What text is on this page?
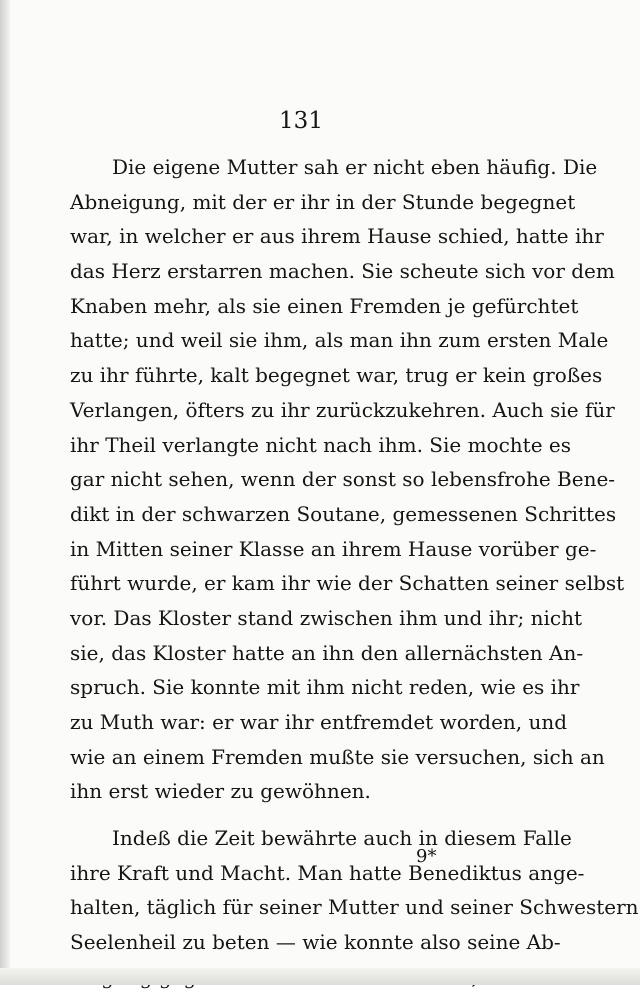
131
Die eigene Mutter sah er nicht eben häufig. Die
Abneigung, mit der er ihr in der Stunde begegnet
war, in welcher er aus ihrem Hause schied, hatte ihr
das Herz erstarren machen. Sie scheute sich vor dem
Knaben mehr, als sie einen Fremden je gefürchtet
hatte; und weil sie ihm, als man ihn zum ersten Male
zu ihr führte, kalt begegnet war, trug er kein großes
Verlangen, öfters zu ihr zurückzukehren. Auch sie für
ihr Theil verlangte nicht nach ihm. Sie mochte es
gar nicht sehen, wenn der sonst so lebensfrohe Bene-
dikt in der schwarzen Soutane, gemessenen Schrittes
in Mitten seiner Klasse an ihrem Hause vorüber ge-
führt wurde, er kam ihr wie der Schatten seiner selbst
vor. Das Kloster stand zwischen ihm und ihr; nicht
sie, das Kloster hatte an ihn den allernächsten An-
spruch. Sie konnte mit ihm nicht reden, wie es ihr
zu Muth war: er war ihr entfremdet worden, und
wie an einem Fremden mußte sie versuchen, sich an
ihn erst wieder zu gewöhnen.
Indeß die Zeit bewährte auch in diesem Falle
ihre Kraft und Macht. Man hatte Benediktus ange-
halten, täglich für seiner Mutter und seiner Schwestern
Seelenheil zu beten — wie konnte also seine Ab-
9*
